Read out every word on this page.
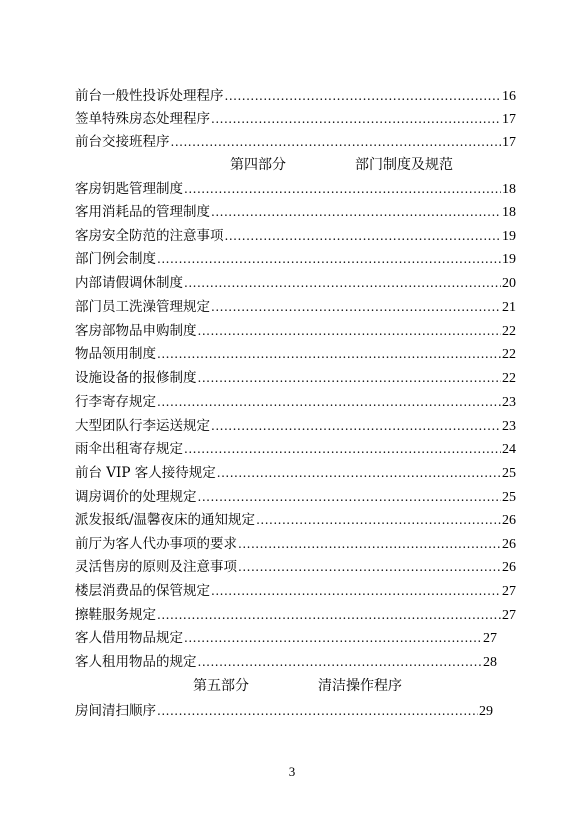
前台一般性投诉处理程序 .....	16
签单特殊房态处理程序 .....	17
前台交接班程序 .....	17
第四部分	部门制度及规范
客房钥匙管理制度 .....	18
客用消耗品的管理制度 .....	18
客房安全防范的注意事项 .....	19
部门例会制度 .....	19
内部请假调休制度 .....	20
部门员工洗澡管理规定 .....	21
客房部物品申购制度 .....	22
物品领用制度 .....	22
设施设备的报修制度 .....	22
行李寄存规定 .....	23
大型团队行李运送规定 .....	23
雨伞出租寄存规定 .....	24
前台 VIP 客人接待规定 .....	25
调房调价的处理规定 .....	25
派发报纸/温馨夜床的通知规定 .....	26
前厅为客人代办事项的要求 .....	26
灵活售房的原则及注意事项 .....	26
楼层消费品的保管规定 .....	27
擦鞋服务规定 .....	27
客人借用物品规定 .....	27
客人租用物品的规定 .....	28
第五部分	清洁操作程序
房间清扫顺序 .....	29
3
